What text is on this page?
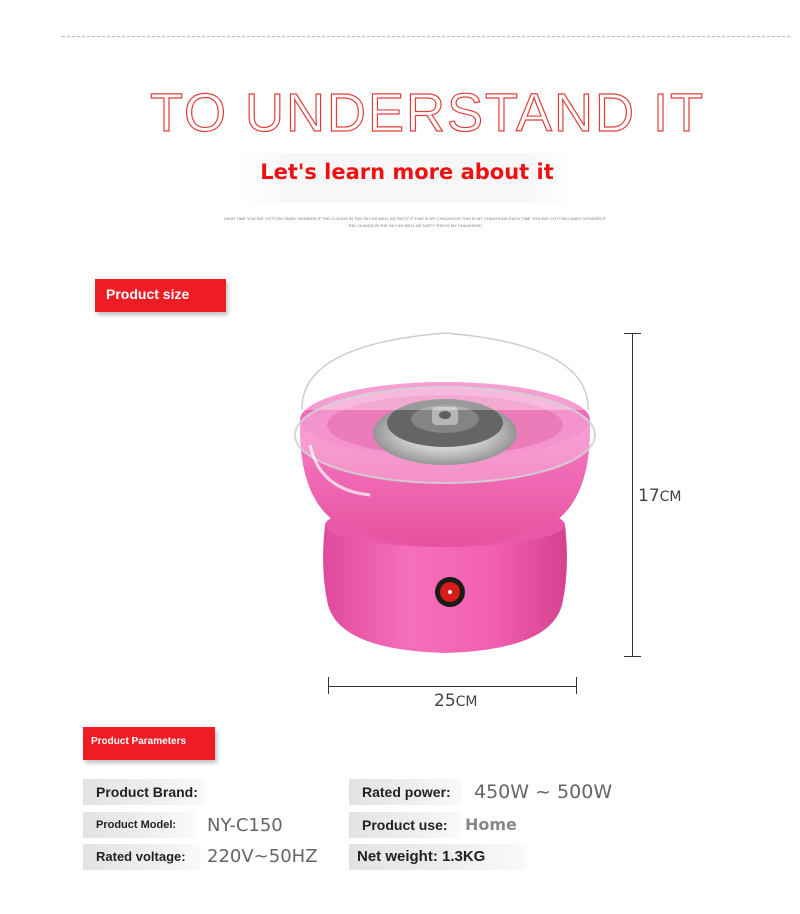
TO UNDERSTAND IT
Let's learn more about it
EACH TIME YOU EAT COTTON CANDY WONDER IF THE CLOUDS IN THE SKY AS WELL AS TASTY IT THIS IS MY CHILDHOOD THIS IS MY CHILDHOOD EACH TIME YOU EAT COTTON CANDY WONDER IF
THE CLOUDS IN THE SKY AS WELL AS TASTY THIS IS MY CHILDHOOD
Product size
17CM
25CM
Product Parameters
Product Brand:
Product Model:	NY-C150
Rated voltage:	220V~50HZ
Rated power:	450W ~ 500W
Product use:	Home
Net weight: 1.3KG
